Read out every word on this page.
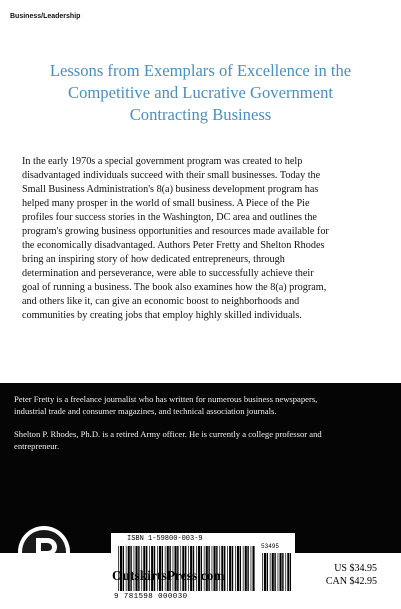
Business/Leadership
Lessons from Exemplars of Excellence in the
Competitive and Lucrative Government
Contracting Business
In the early 1970s a special government program was created to help
disadvantaged individuals succeed with their small businesses. Today the
Small Business Administration's 8(a) business development program has
helped many prosper in the world of small business. A Piece of the Pie
profiles four success stories in the Washington, DC area and outlines the
program's growing business opportunities and resources made available for
the economically disadvantaged. Authors Peter Fretty and Shelton Rhodes
bring an inspiring story of how dedicated entrepreneurs, through
determination and perseverance, were able to successfully achieve their
goal of running a business. The book also examines how the 8(a) program,
and others like it, can give an economic boost to neighborhoods and
communities by creating jobs that employ highly skilled individuals.
Peter Fretty is a freelance journalist who has written for numerous business newspapers,
industrial trade and consumer magazines, and technical association journals.
Shelton P. Rhodes, Ph.D. is a retired Army officer. He is currently a college professor and
entrepreneur.
ISBN 1-59800-003-9
53495
9 781598 000030
OutskirtsPress.com	US $34.95
CAN $42.95
